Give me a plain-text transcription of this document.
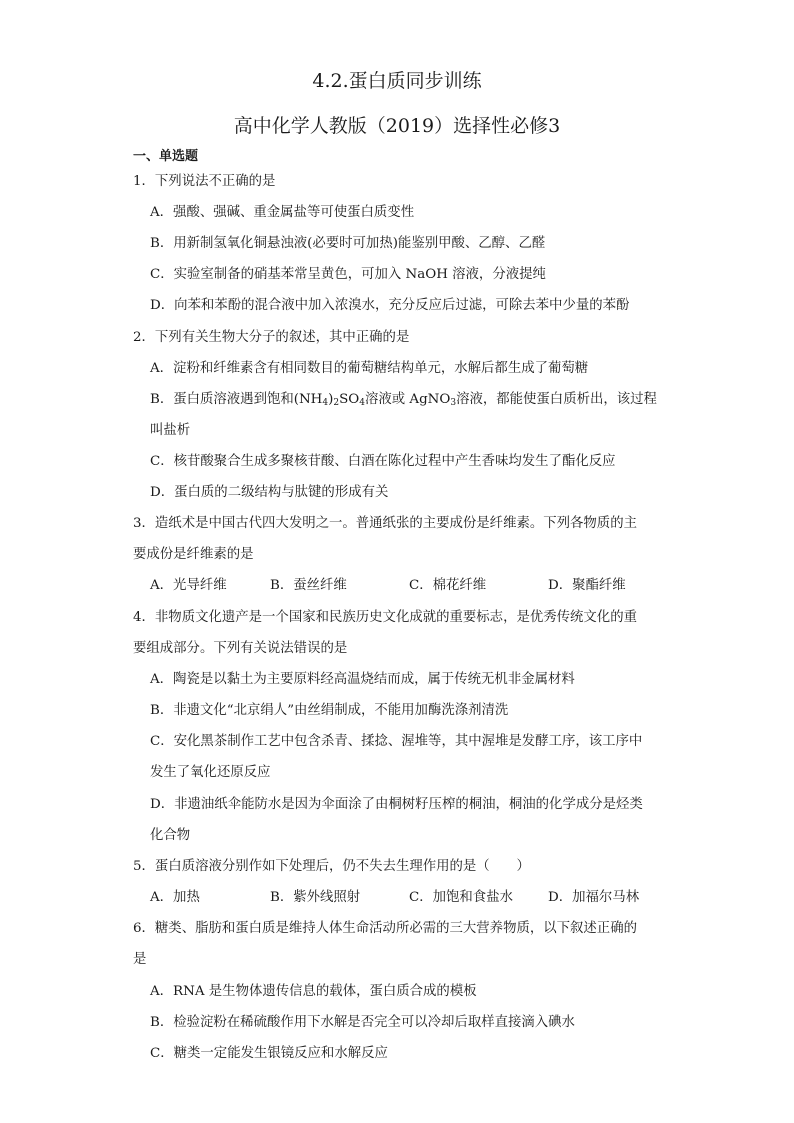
4.2.蛋白质同步训练
高中化学人教版（2019）选择性必修3
一、单选题
1．下列说法不正确的是
A．强酸、强碱、重金属盐等可使蛋白质变性
B．用新制氢氧化铜悬浊液(必要时可加热)能鉴别甲酸、乙醇、乙醛
C．实验室制备的硝基苯常呈黄色，可加入 NaOH 溶液，分液提纯
D．向苯和苯酚的混合液中加入浓溴水，充分反应后过滤，可除去苯中少量的苯酚
2．下列有关生物大分子的叙述，其中正确的是
A．淀粉和纤维素含有相同数目的葡萄糖结构单元，水解后都生成了葡萄糖
B．蛋白质溶液遇到饱和$(NH_4)_2SO_4$溶液或 AgNO$_3$溶液，都能使蛋白质析出，该过程
叫盐析
C．核苷酸聚合生成多聚核苷酸、白酒在陈化过程中产生香味均发生了酯化反应
D．蛋白质的二级结构与肽键的形成有关
3．造纸术是中国古代四大发明之一。普通纸张的主要成份是纤维素。下列各物质的主
要成份是纤维素的是
A．光导纤维	B．蚕丝纤维	C．棉花纤维	D．聚酯纤维
4．非物质文化遗产是一个国家和民族历史文化成就的重要标志，是优秀传统文化的重
要组成部分。下列有关说法错误的是
A．陶瓷是以黏土为主要原料经高温烧结而成，属于传统无机非金属材料
B．非遗文化“北京绢人”由丝绢制成，不能用加酶洗涤剂清洗
C．安化黑茶制作工艺中包含杀青、揉捻、渥堆等，其中渥堆是发酵工序，该工序中
发生了氧化还原反应
D．非遗油纸伞能防水是因为伞面涂了由桐树籽压榨的桐油，桐油的化学成分是烃类
化合物
5．蛋白质溶液分别作如下处理后，仍不失去生理作用的是（　　）
A．加热	B．紫外线照射	C．加饱和食盐水	D．加福尔马林
6．糖类、脂肪和蛋白质是维持人体生命活动所必需的三大营养物质，以下叙述正确的
是
A．RNA 是生物体遗传信息的载体，蛋白质合成的模板
B．检验淀粉在稀硫酸作用下水解是否完全可以冷却后取样直接滴入碘水
C．糖类一定能发生银镜反应和水解反应
